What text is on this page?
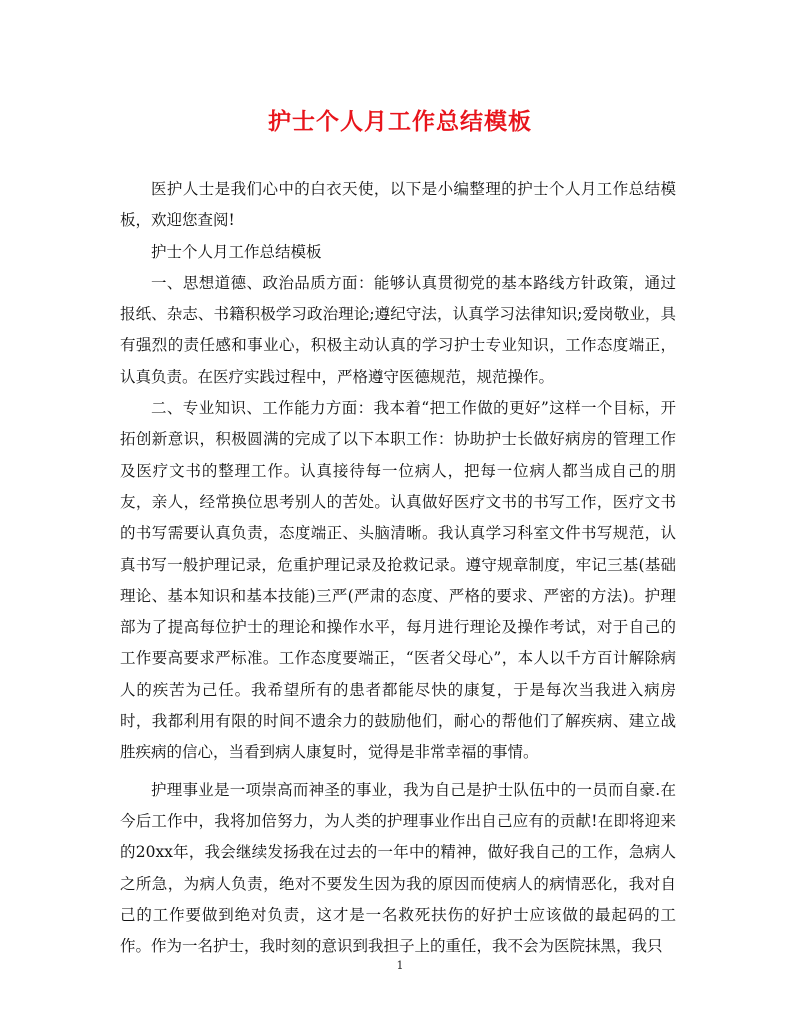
护士个人月工作总结模板

医护人士是我们心中的白衣天使，以下是小编整理的护士个人月工作总结模板，欢迎您查阅!

护士个人月工作总结模板

一、思想道德、政治品质方面：能够认真贯彻党的基本路线方针政策，通过报纸、杂志、书籍积极学习政治理论;遵纪守法，认真学习法律知识;爱岗敬业，具有强烈的责任感和事业心，积极主动认真的学习护士专业知识，工作态度端正，认真负责。在医疗实践过程中，严格遵守医德规范，规范操作。

二、专业知识、工作能力方面：我本着“把工作做的更好”这样一个目标，开拓创新意识，积极圆满的完成了以下本职工作：协助护士长做好病房的管理工作及医疗文书的整理工作。认真接待每一位病人，把每一位病人都当成自己的朋友，亲人，经常换位思考别人的苦处。认真做好医疗文书的书写工作，医疗文书的书写需要认真负责，态度端正、头脑清晰。我认真学习科室文件书写规范，认真书写一般护理记录，危重护理记录及抢救记录。遵守规章制度，牢记三基(基础理论、基本知识和基本技能)三严(严肃的态度、严格的要求、严密的方法)。护理部为了提高每位护士的理论和操作水平，每月进行理论及操作考试，对于自己的工作要高要求严标准。工作态度要端正，“医者父母心”，本人以千方百计解除病人的疾苦为己任。我希望所有的患者都能尽快的康复，于是每次当我进入病房时，我都利用有限的时间不遗余力的鼓励他们，耐心的帮他们了解疾病、建立战胜疾病的信心，当看到病人康复时，觉得是非常幸福的事情。

护理事业是一项崇高而神圣的事业，我为自己是护士队伍中的一员而自豪.在今后工作中，我将加倍努力，为人类的护理事业作出自己应有的贡献!在即将迎来的20xx年，我会继续发扬我在过去的一年中的精神，做好我自己的工作，急病人之所急，为病人负责，绝对不要发生因为我的原因而使病人的病情恶化，我对自己的工作要做到绝对负责，这才是一名救死扶伤的好护士应该做的最起码的工作。作为一名护士，我时刻的意识到我担子上的重任，我不会为医院抹黑，我只

1
